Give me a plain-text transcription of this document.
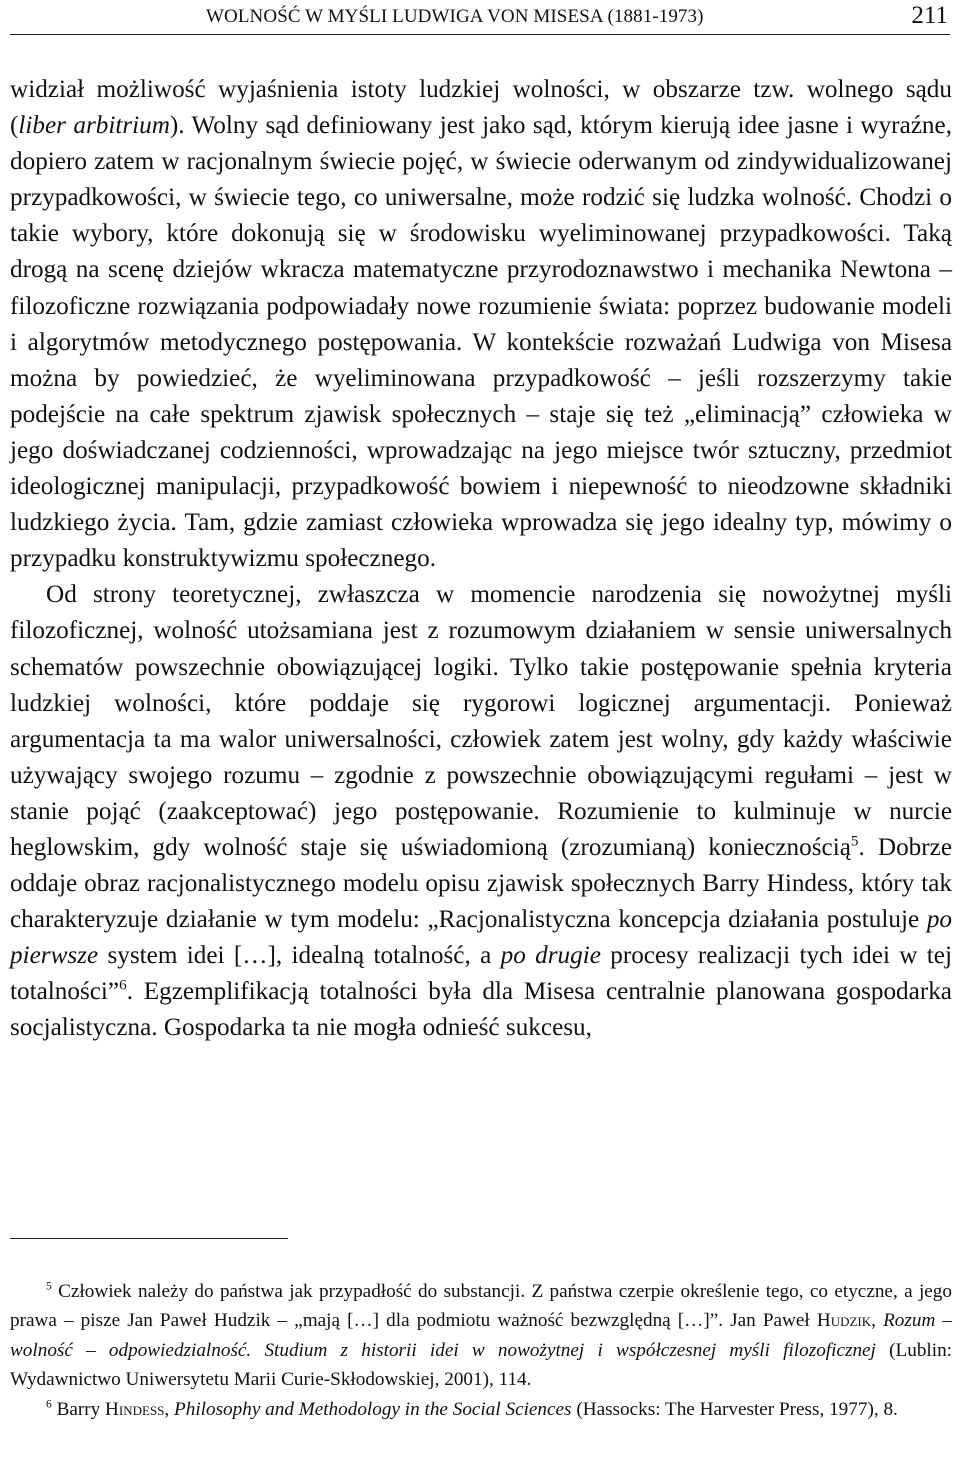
WOLNOŚĆ W MYŚLI LUDWIGA VON MISESA (1881-1973)	211

widział możliwość wyjaśnienia istoty ludzkiej wolności, w obszarze tzw. wolnego sądu (liber arbitrium). Wolny sąd definiowany jest jako sąd, którym kierują idee jasne i wyraźne, dopiero zatem w racjonalnym świecie pojęć, w świecie oderwanym od zindywidualizowanej przypadkowości, w świecie tego, co uniwersalne, może rodzić się ludzka wolność. Chodzi o takie wybory, które dokonują się w środowisku wyeliminowanej przypadkowości. Taką drogą na scenę dziejów wkracza matematyczne przyrodoznawstwo i mechanika Newtona – filozoficzne rozwiązania podpowiadały nowe rozumienie świata: poprzez budowanie modeli i algorytmów metodycznego postępowania. W kontekście rozważań Ludwiga von Misesa można by powiedzieć, że wyeliminowana przypadkowość – jeśli rozszerzymy takie podejście na całe spektrum zjawisk społecznych – staje się też „eliminacją” człowieka w jego doświadczanej codzienności, wprowadzając na jego miejsce twór sztuczny, przedmiot ideologicznej manipulacji, przypadkowość bowiem i niepewność to nieodzowne składniki ludzkiego życia. Tam, gdzie zamiast człowieka wprowadza się jego idealny typ, mówimy o przypadku konstruktywizmu społecznego.

Od strony teoretycznej, zwłaszcza w momencie narodzenia się nowożytnej myśli filozoficznej, wolność utożsamiana jest z rozumowym działaniem w sensie uniwersalnych schematów powszechnie obowiązującej logiki. Tylko takie postępowanie spełnia kryteria ludzkiej wolności, które poddaje się rygorowi logicznej argumentacji. Ponieważ argumentacja ta ma walor uniwersalności, człowiek zatem jest wolny, gdy każdy właściwie używający swojego rozumu – zgodnie z powszechnie obowiązującymi regułami – jest w stanie pojąć (zaakceptować) jego postępowanie. Rozumienie to kulminuje w nurcie heglowskim, gdy wolność staje się uświadomioną (zrozumianą) koniecznością$^5$. Dobrze oddaje obraz racjonalistycznego modelu opisu zjawisk społecznych Barry Hindess, który tak charakteryzuje działanie w tym modelu: „Racjonalistyczna koncepcja działania postuluje po pierwsze system idei […], idealną totalność, a po drugie procesy realizacji tych idei w tej totalności”$^6$. Egzemplifikacją totalności była dla Misesa centralnie planowana gospodarka socjalistyczna. Gospodarka ta nie mogła odnieść sukcesu,

$^5$ Człowiek należy do państwa jak przypadłość do substancji. Z państwa czerpie określenie tego, co etyczne, a jego prawa – pisze Jan Paweł Hudzik – „mają […] dla podmiotu ważność bezwzględną […]”. Jan Paweł Hudzik, Rozum – wolność – odpowiedzialność. Studium z historii idei w nowożytnej i współczesnej myśli filozoficznej (Lublin: Wydawnictwo Uniwersytetu Marii Curie-Skłodowskiej, 2001), 114.

$^6$ Barry Hindess, Philosophy and Methodology in the Social Sciences (Hassocks: The Harvester Press, 1977), 8.
